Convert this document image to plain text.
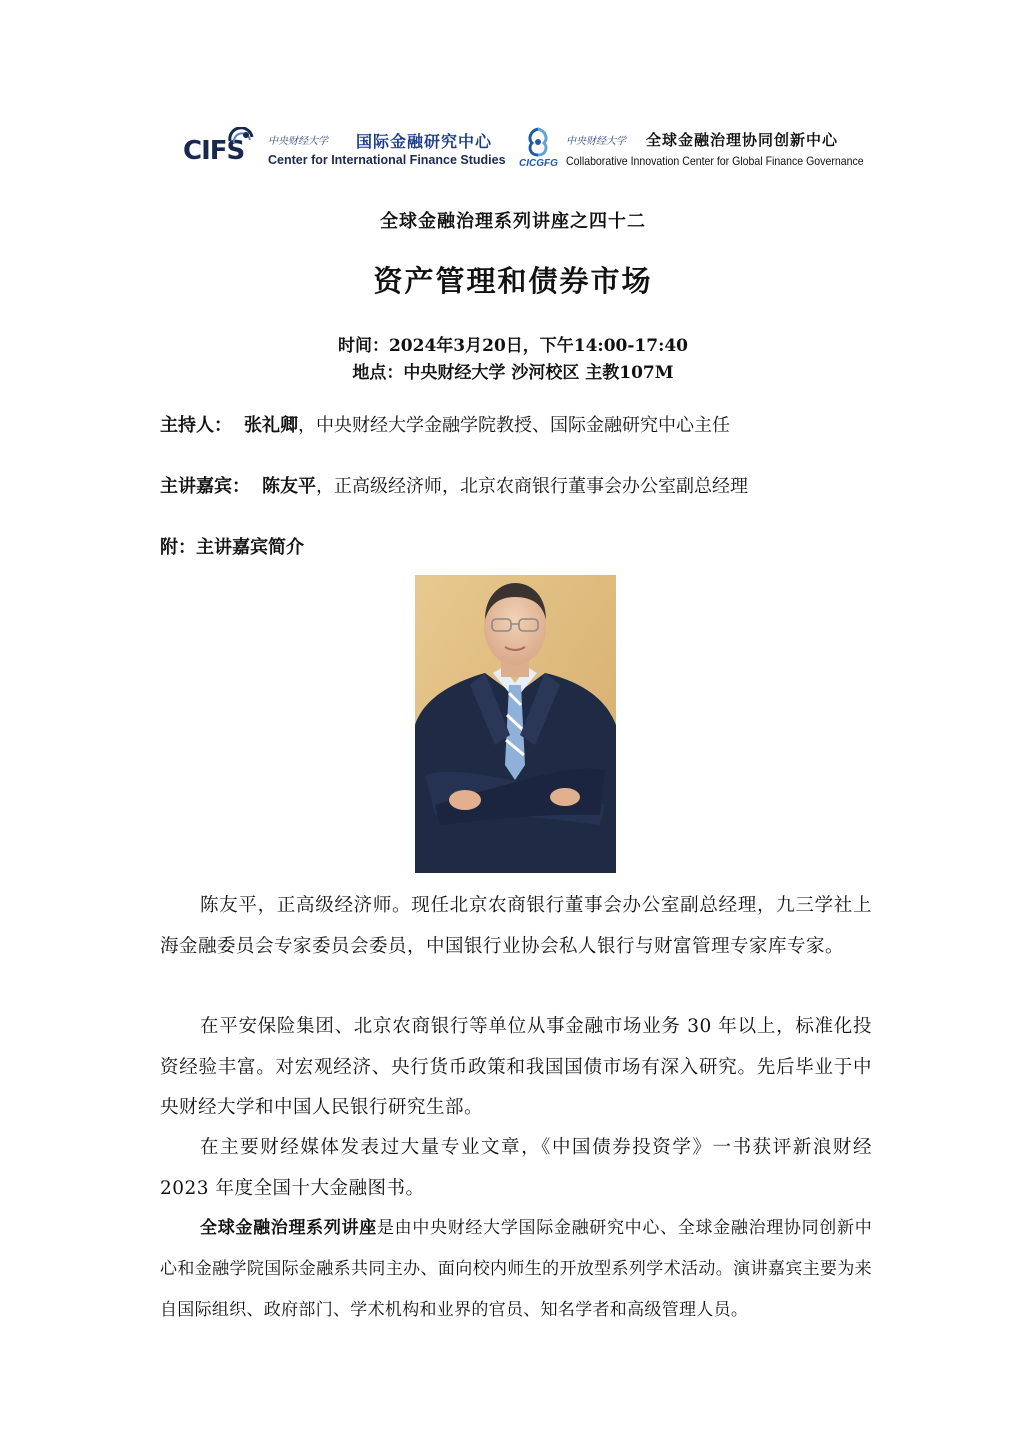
CIFS 中央财经大学 国际金融研究中心
Center for International Finance Studies CICGFG
中央财经大学 全球金融治理协同创新中心
Collaborative Innovation Center for Global Finance Governance
全球金融治理系列讲座之四十二
资产管理和债券市场
时间：2024年3月20日，下午14:00-17:40
地点：中央财经大学 沙河校区 主教107M
主持人： 张礼卿，中央财经大学金融学院教授、国际金融研究中心主任
主讲嘉宾： 陈友平，正高级经济师，北京农商银行董事会办公室副总经理
附：主讲嘉宾简介
陈友平，正高级经济师。现任北京农商银行董事会办公室副总经理，九三学社上海金融委员会专家委员会委员，中国银行业协会私人银行与财富管理专家库专家。
在平安保险集团、北京农商银行等单位从事金融市场业务 30 年以上，标准化投资经验丰富。对宏观经济、央行货币政策和我国国债市场有深入研究。先后毕业于中央财经大学和中国人民银行研究生部。
在主要财经媒体发表过大量专业文章，《中国债券投资学》一书获评新浪财经 2023 年度全国十大金融图书。
全球金融治理系列讲座是由中央财经大学国际金融研究中心、全球金融治理协同创新中心和金融学院国际金融系共同主办、面向校内师生的开放型系列学术活动。演讲嘉宾主要为来自国际组织、政府部门、学术机构和业界的官员、知名学者和高级管理人员。
